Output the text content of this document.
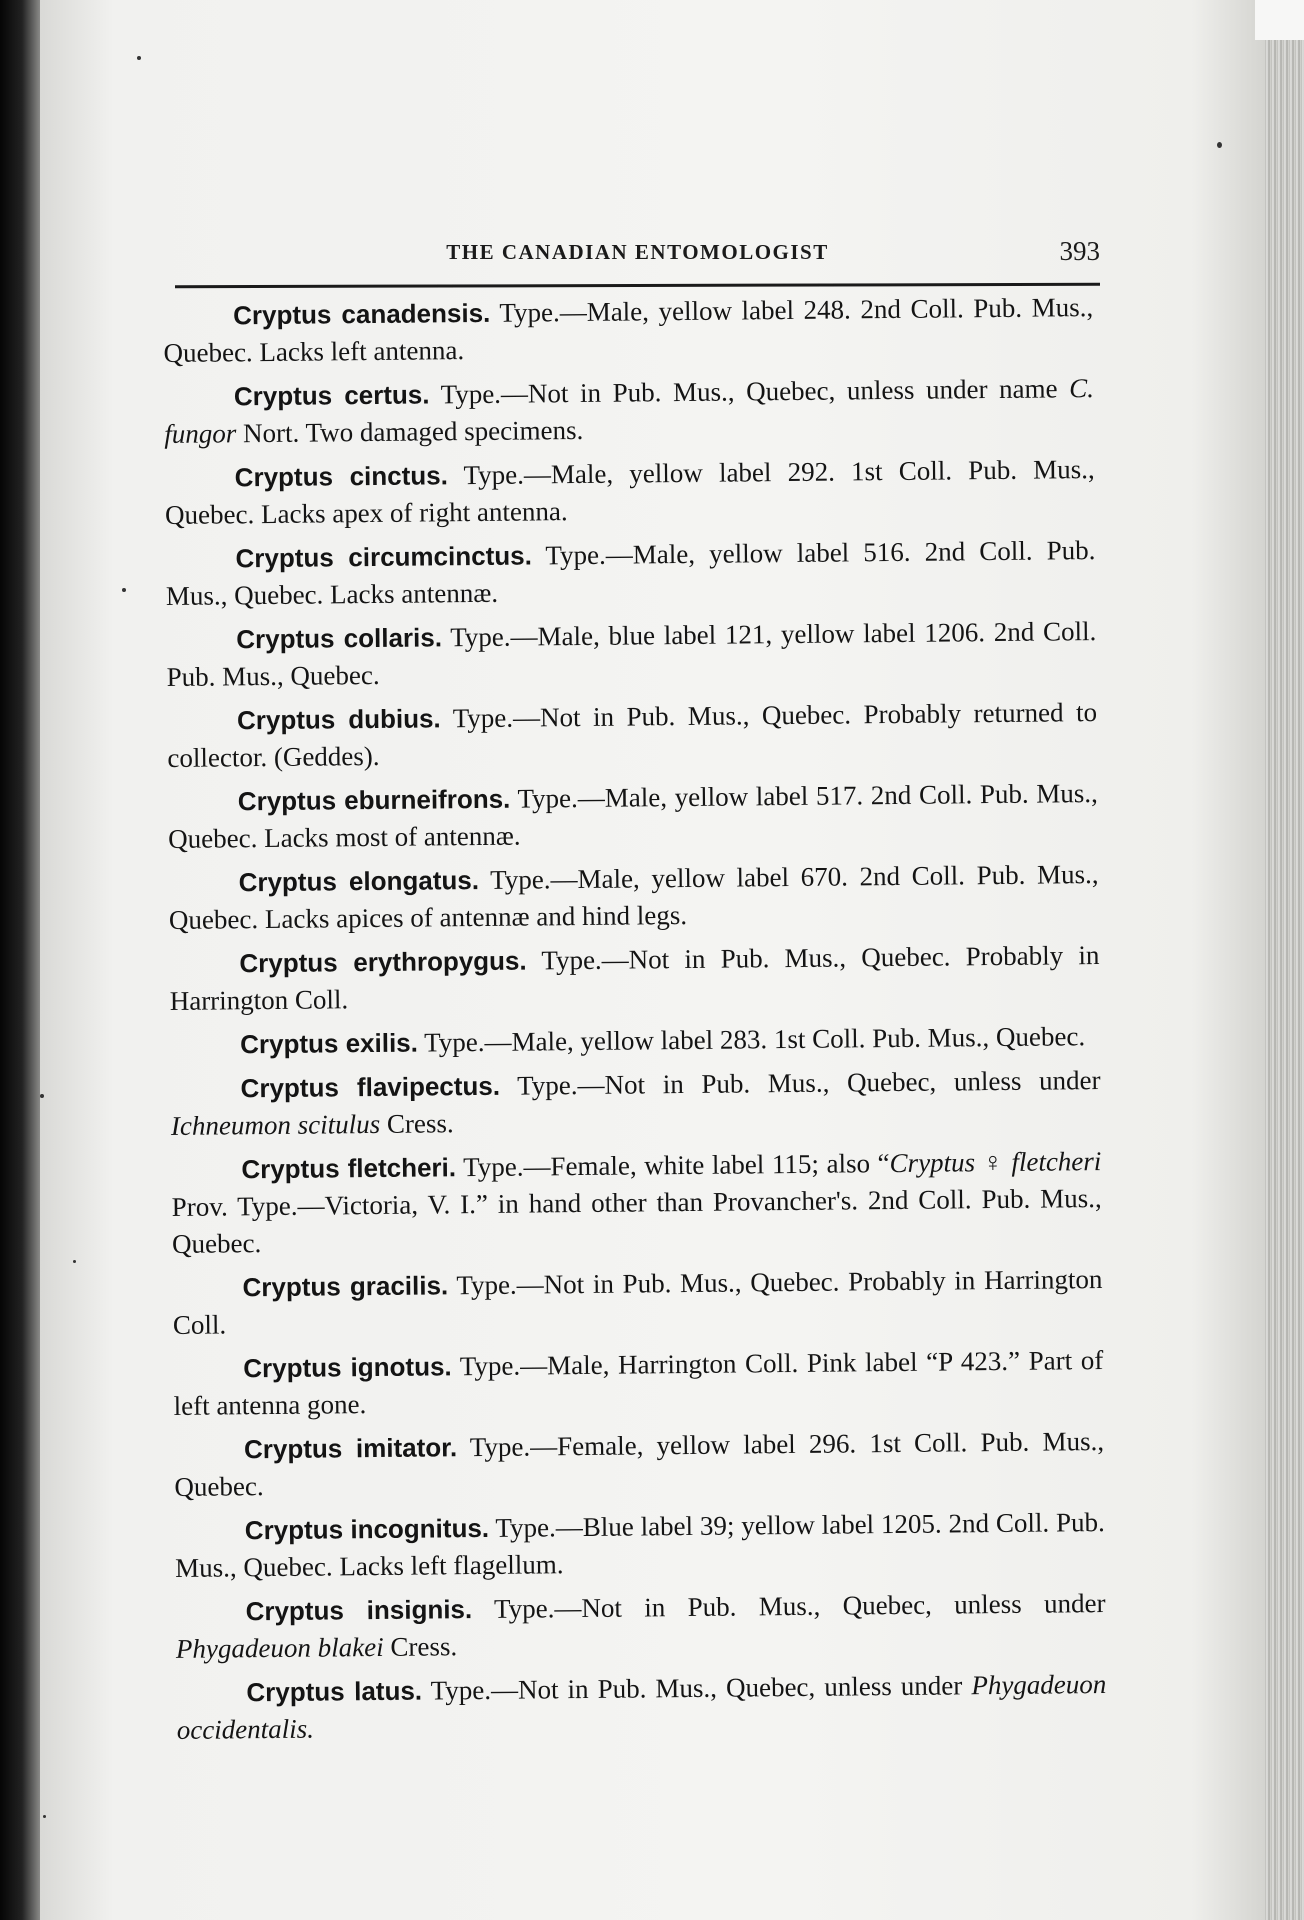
THE CANADIAN ENTOMOLOGIST	393

Cryptus canadensis. Type.—Male, yellow label 248. 2nd Coll. Pub. Mus., Quebec. Lacks left antenna.

Cryptus certus. Type.—Not in Pub. Mus., Quebec, unless under name C. fungor Nort. Two damaged specimens.

Cryptus cinctus. Type.—Male, yellow label 292. 1st Coll. Pub. Mus., Quebec. Lacks apex of right antenna.

Cryptus circumcinctus. Type.—Male, yellow label 516. 2nd Coll. Pub. Mus., Quebec. Lacks antennæ.

Cryptus collaris. Type.—Male, blue label 121, yellow label 1206. 2nd Coll. Pub. Mus., Quebec.

Cryptus dubius. Type.—Not in Pub. Mus., Quebec. Probably returned to collector. (Geddes).

Cryptus eburneifrons. Type.—Male, yellow label 517. 2nd Coll. Pub. Mus., Quebec. Lacks most of antennæ.

Cryptus elongatus. Type.—Male, yellow label 670. 2nd Coll. Pub. Mus., Quebec. Lacks apices of antennæ and hind legs.

Cryptus erythropygus. Type.—Not in Pub. Mus., Quebec. Probably in Harrington Coll.

Cryptus exilis. Type.—Male, yellow label 283. 1st Coll. Pub. Mus., Quebec.

Cryptus flavipectus. Type.—Not in Pub. Mus., Quebec, unless under Ichneumon scitulus Cress.

Cryptus fletcheri. Type.—Female, white label 115; also “Cryptus ♀ fletcheri Prov. Type.—Victoria, V. I.” in hand other than Provancher's. 2nd Coll. Pub. Mus., Quebec.

Cryptus gracilis. Type.—Not in Pub. Mus., Quebec. Probably in Harrington Coll.

Cryptus ignotus. Type.—Male, Harrington Coll. Pink label “P 423.” Part of left antenna gone.

Cryptus imitator. Type.—Female, yellow label 296. 1st Coll. Pub. Mus., Quebec.

Cryptus incognitus. Type.—Blue label 39; yellow label 1205. 2nd Coll. Pub. Mus., Quebec. Lacks left flagellum.

Cryptus insignis. Type.—Not in Pub. Mus., Quebec, unless under Phygadeuon blakei Cress.

Cryptus latus. Type.—Not in Pub. Mus., Quebec, unless under Phygadeuon occidentalis.
